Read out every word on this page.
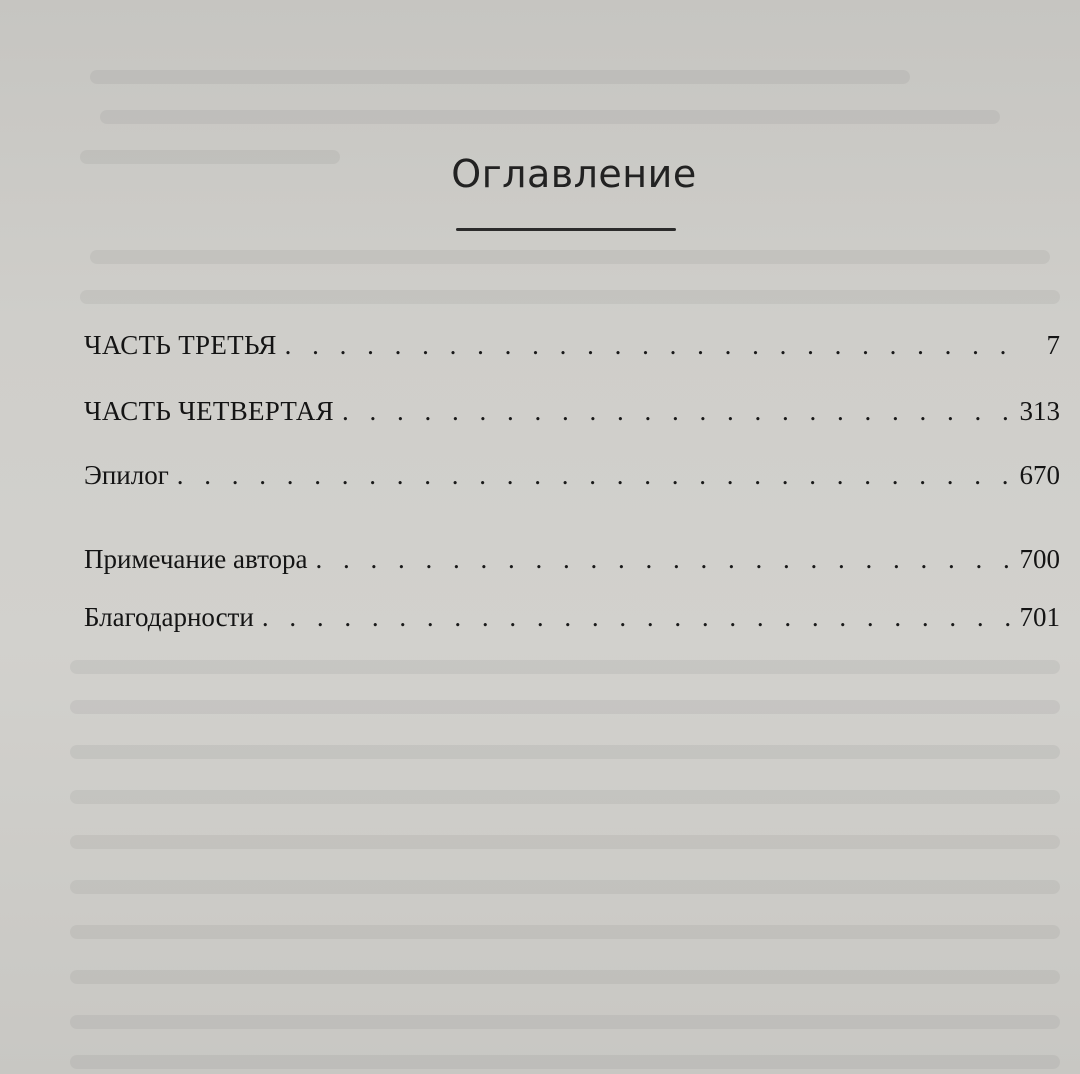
Оглавление
ЧАСТЬ ТРЕТЬЯ . . .	7
ЧАСТЬ ЧЕТВЕРТАЯ . . .	313
Эпилог . . .	670
Примечание автора . . .	700
Благодарности . . .	701
